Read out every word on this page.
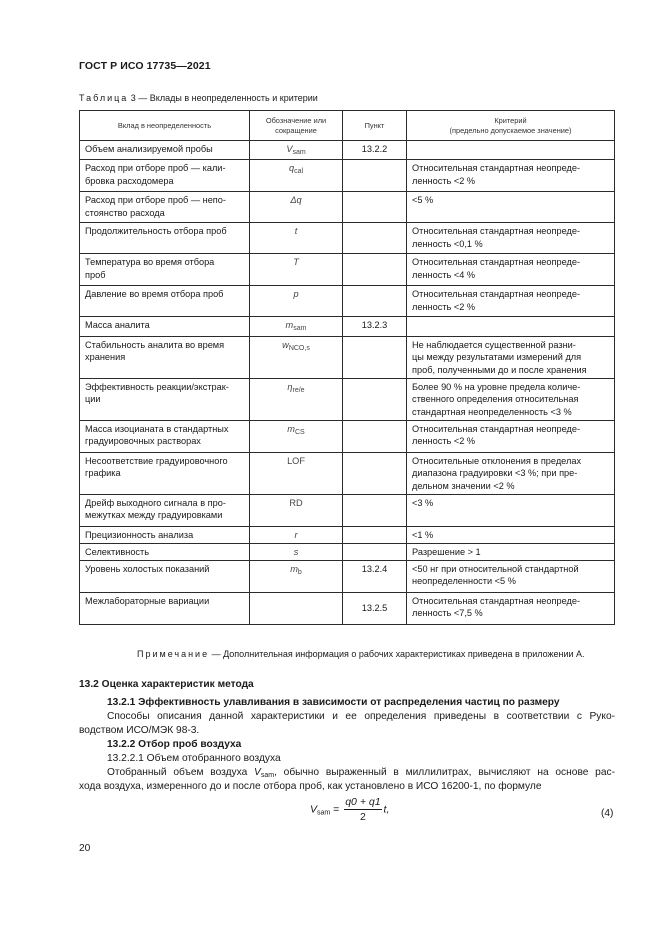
ГОСТ Р ИСО 17735—2021
Таблица 3 — Вклады в неопределенность и критерии
Вклад в неопределенность	Обозначение или
сокращение	Пункт	Критерий
(предельно допускаемое значение)

Объем анализируемой пробы	$V_{sam}$	13.2.2	

Расход при отборе проб — кали-
бровка расходомера	$q_{cal}$		Относительная стандартная неопреде-
ленность <2 %

Расход при отборе проб — непо-
стоянство расхода	Δq		<5 %

Продолжительность отбора проб	t		Относительная стандартная неопреде-
ленность <0,1 %

Температура во время отбора
проб	T		Относительная стандартная неопреде-
ленность <4 %

Давление во время отбора проб	p		Относительная стандартная неопреде-
ленность <2 %

Масса аналита	$m_{sam}$	13.2.3	

Стабильность аналита во время
хранения	$w_{NCO,s}$		Не наблюдается существенной разни-
цы между результатами измерений для
проб, полученными до и после хранения

Эффективность реакции/экстрак-
ции	$\eta_{re/e}$		Более 90 % на уровне предела количе-
ственного определения относительная
стандартная неопределенность <3 %

Масса изоцианата в стандартных
градуировочных растворах	$m_{CS}$		Относительная стандартная неопреде-
ленность <2 %

Несоответствие градуировочного
графика	LOF		Относительные отклонения в пределах
диапазона градуировки <3 %; при пре-
дельном значении <2 %

Дрейф выходного сигнала в про-
межутках между градуировками	RD		<3 %

Прецизионность анализа	r		<1 %

Селективность	s		Разрешение > 1

Уровень холостых показаний	$m_b$	13.2.4	<50 нг при относительной стандартной
неопределенности <5 %

Межлабораторные вариации		13.2.5	Относительная стандартная неопреде-
ленность <7,5 %
Примечание — Дополнительная информация о рабочих характеристиках приведена в приложении А.
13.2 Оценка характеристик метода
13.2.1 Эффективность улавливания в зависимости от распределения частиц по размеру
Способы описания данной характеристики и ее определения приведены в соответствии с Руко-
водством ИСО/МЭК 98-3.
13.2.2 Отбор проб воздуха
13.2.2.1 Объем отобранного воздуха
Отобранный объем воздуха $V_{sam}$, обычно выраженный в миллилитрах, вычисляют на основе рас-
хода воздуха, измеренного до и после отбора проб, как установлено в ИСО 16200-1, по формуле
$V_{sam} = \frac{q0 + q1}{2} t$,	(4)
20
